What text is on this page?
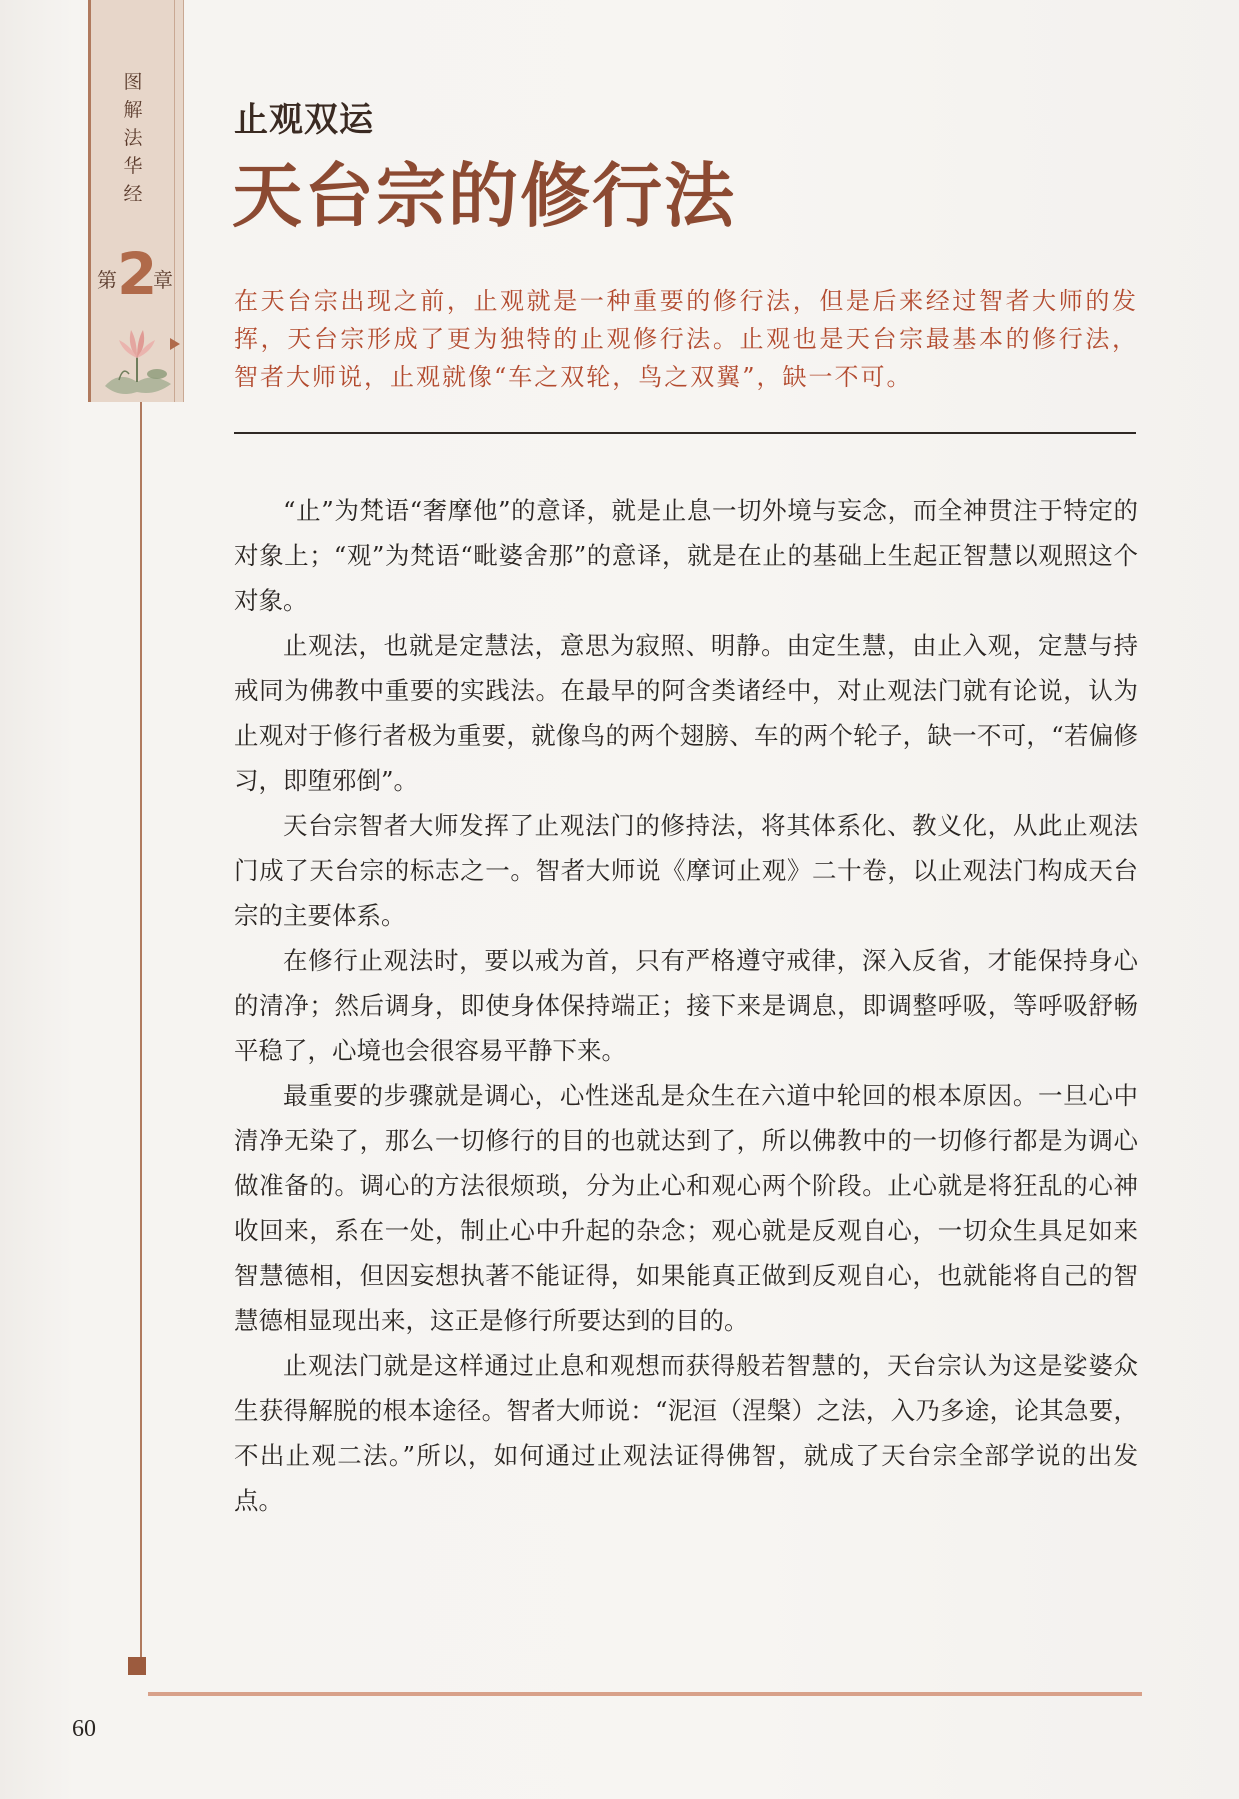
图
解
法
华
经
第 2
章
止观双运
天台宗的修行法
在天台宗出现之前，止观就是一种重要的修行法，但是后来经过智者大师的发挥，天台宗形成了更为独特的止观修行法。止观也是天台宗最基本的修行法，智者大师说，止观就像“车之双轮，鸟之双翼”，缺一不可。

“止”为梵语“奢摩他”的意译，就是止息一切外境与妄念，而全神贯注于特定的对象上；“观”为梵语“毗婆舍那”的意译，就是在止的基础上生起正智慧以观照这个对象。

止观法，也就是定慧法，意思为寂照、明静。由定生慧，由止入观，定慧与持戒同为佛教中重要的实践法。在最早的阿含类诸经中，对止观法门就有论说，认为止观对于修行者极为重要，就像鸟的两个翅膀、车的两个轮子，缺一不可，“若偏修习，即堕邪倒”。

天台宗智者大师发挥了止观法门的修持法，将其体系化、教义化，从此止观法门成了天台宗的标志之一。智者大师说《摩诃止观》二十卷，以止观法门构成天台宗的主要体系。

在修行止观法时，要以戒为首，只有严格遵守戒律，深入反省，才能保持身心的清净；然后调身，即使身体保持端正；接下来是调息，即调整呼吸，等呼吸舒畅平稳了，心境也会很容易平静下来。

最重要的步骤就是调心，心性迷乱是众生在六道中轮回的根本原因。一旦心中清净无染了，那么一切修行的目的也就达到了，所以佛教中的一切修行都是为调心做准备的。调心的方法很烦琐，分为止心和观心两个阶段。止心就是将狂乱的心神收回来，系在一处，制止心中升起的杂念；观心就是反观自心，一切众生具足如来智慧德相，但因妄想执著不能证得，如果能真正做到反观自心，也就能将自己的智慧德相显现出来，这正是修行所要达到的目的。

止观法门就是这样通过止息和观想而获得般若智慧的，天台宗认为这是娑婆众生获得解脱的根本途径。智者大师说：“泥洹（涅槃）之法，入乃多途，论其急要，不出止观二法。”所以，如何通过止观法证得佛智，就成了天台宗全部学说的出发点。

60
